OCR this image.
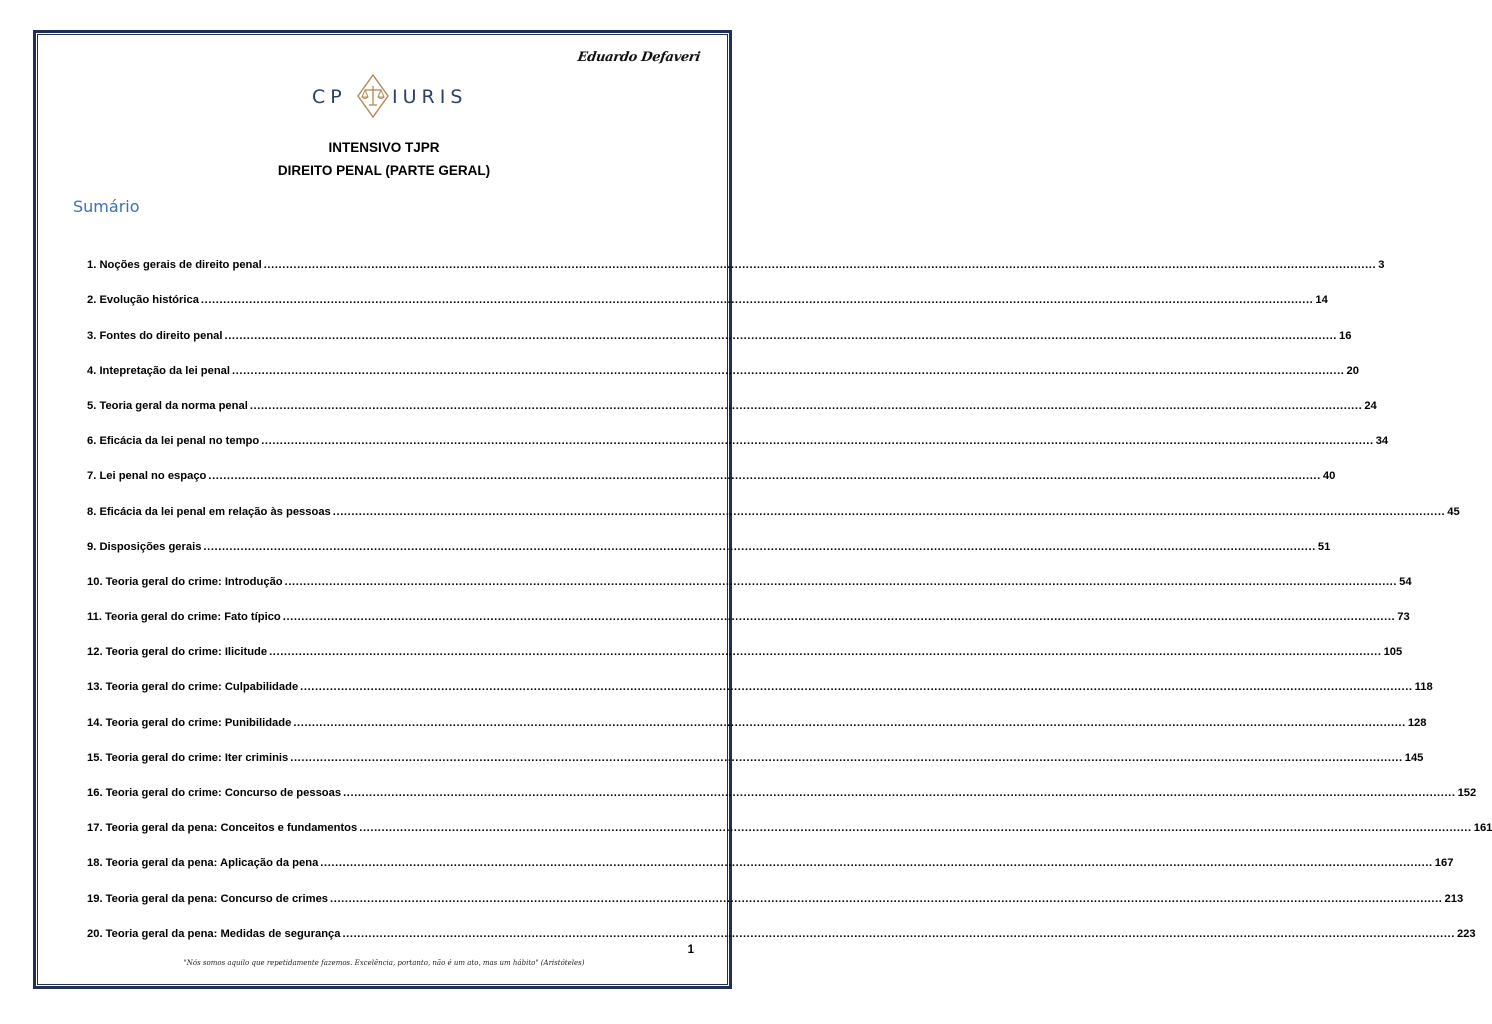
Eduardo Defaveri
CP IURIS
INTENSIVO TJPR
DIREITO PENAL (PARTE GERAL)
Sumário
1. Noções gerais de direito penal ............................................................................................................................................................................................................................................................................................................ 3
2. Evolução histórica ............................................................................................................................................................................................................................................................................................................ 14
3. Fontes do direito penal ............................................................................................................................................................................................................................................................................................................ 16
4. Intepretação da lei penal ............................................................................................................................................................................................................................................................................................................ 20
5. Teoria geral da norma penal ............................................................................................................................................................................................................................................................................................................ 24
6. Eficácia da lei penal no tempo ............................................................................................................................................................................................................................................................................................................ 34
7. Lei penal no espaço ............................................................................................................................................................................................................................................................................................................ 40
8. Eficácia da lei penal em relação às pessoas ............................................................................................................................................................................................................................................................................................................ 45
9. Disposições gerais ............................................................................................................................................................................................................................................................................................................ 51
10. Teoria geral do crime: Introdução ............................................................................................................................................................................................................................................................................................................ 54
11. Teoria geral do crime: Fato típico ............................................................................................................................................................................................................................................................................................................ 73
12. Teoria geral do crime: Ilicitude ............................................................................................................................................................................................................................................................................................................ 105
13. Teoria geral do crime: Culpabilidade ............................................................................................................................................................................................................................................................................................................ 118
14. Teoria geral do crime: Punibilidade ............................................................................................................................................................................................................................................................................................................ 128
15. Teoria geral do crime: Iter criminis ............................................................................................................................................................................................................................................................................................................ 145
16. Teoria geral do crime: Concurso de pessoas ............................................................................................................................................................................................................................................................................................................ 152
17. Teoria geral da pena: Conceitos e fundamentos ............................................................................................................................................................................................................................................................................................................ 161
18. Teoria geral da pena: Aplicação da pena ............................................................................................................................................................................................................................................................................................................ 167
19. Teoria geral da pena: Concurso de crimes ............................................................................................................................................................................................................................................................................................................ 213
20. Teoria geral da pena: Medidas de segurança ............................................................................................................................................................................................................................................................................................................ 223
1
"Nós somos aquilo que repetidamente fazemos. Excelência, portanto, não é um ato, mas um hábito" (Aristóteles)
